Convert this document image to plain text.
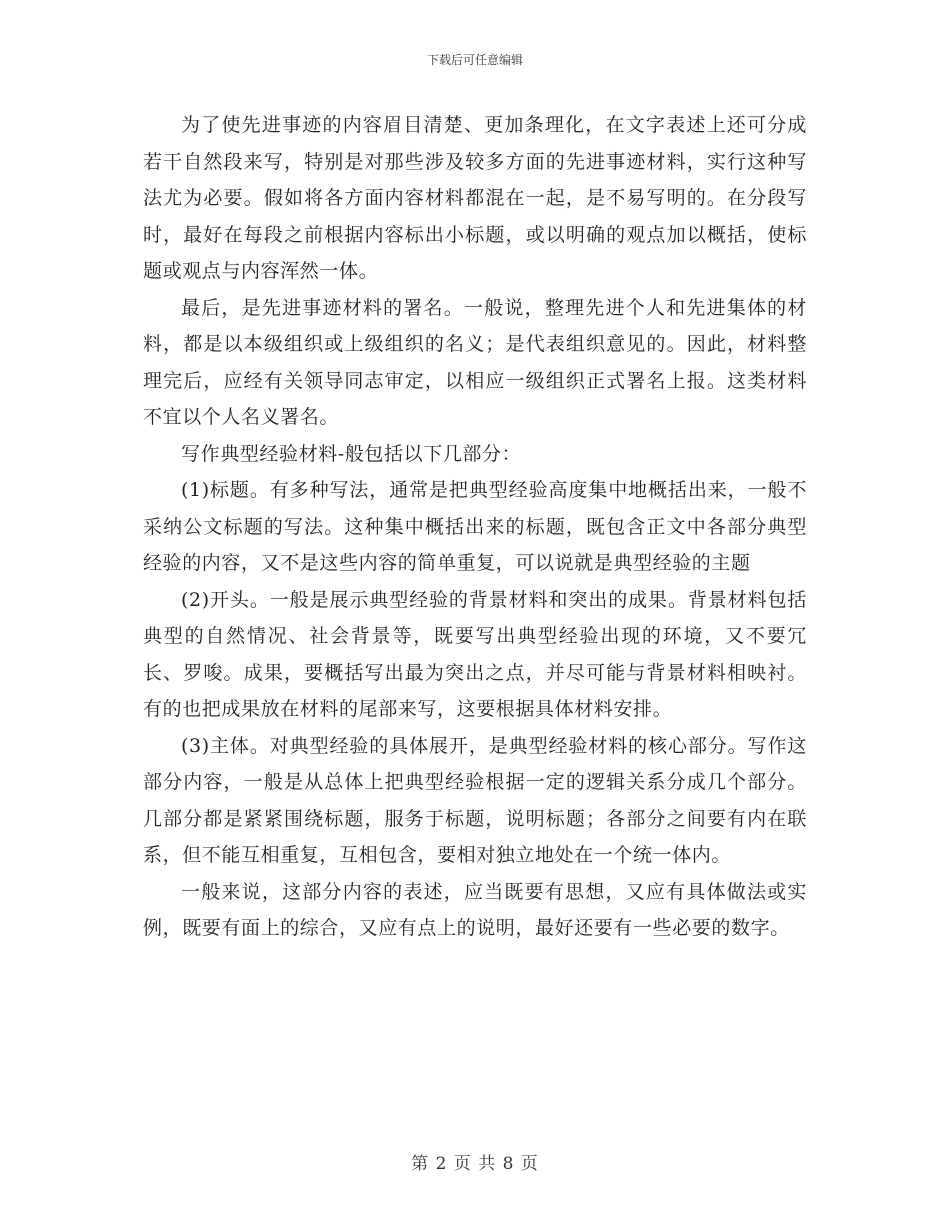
下载后可任意编辑

为了使先进事迹的内容眉目清楚、更加条理化，在文字表述上还可分成若干自然段来写，特别是对那些涉及较多方面的先进事迹材料，实行这种写法尤为必要。假如将各方面内容材料都混在一起，是不易写明的。在分段写时，最好在每段之前根据内容标出小标题，或以明确的观点加以概括，使标题或观点与内容浑然一体。

最后，是先进事迹材料的署名。一般说，整理先进个人和先进集体的材料，都是以本级组织或上级组织的名义；是代表组织意见的。因此，材料整理完后，应经有关领导同志审定，以相应一级组织正式署名上报。这类材料不宜以个人名义署名。

写作典型经验材料-般包括以下几部分：

(1)标题。有多种写法，通常是把典型经验高度集中地概括出来，一般不采纳公文标题的写法。这种集中概括出来的标题，既包含正文中各部分典型经验的内容，又不是这些内容的简单重复，可以说就是典型经验的主题

(2)开头。一般是展示典型经验的背景材料和突出的成果。背景材料包括典型的自然情况、社会背景等，既要写出典型经验出现的环境，又不要冗长、罗唆。成果，要概括写出最为突出之点，并尽可能与背景材料相映衬。有的也把成果放在材料的尾部来写，这要根据具体材料安排。

(3)主体。对典型经验的具体展开，是典型经验材料的核心部分。写作这部分内容，一般是从总体上把典型经验根据一定的逻辑关系分成几个部分。几部分都是紧紧围绕标题，服务于标题，说明标题；各部分之间要有内在联系，但不能互相重复，互相包含，要相对独立地处在一个统一体内。

一般来说，这部分内容的表述，应当既要有思想，又应有具体做法或实例，既要有面上的综合，又应有点上的说明，最好还要有一些必要的数字。

第 2 页 共 8 页
